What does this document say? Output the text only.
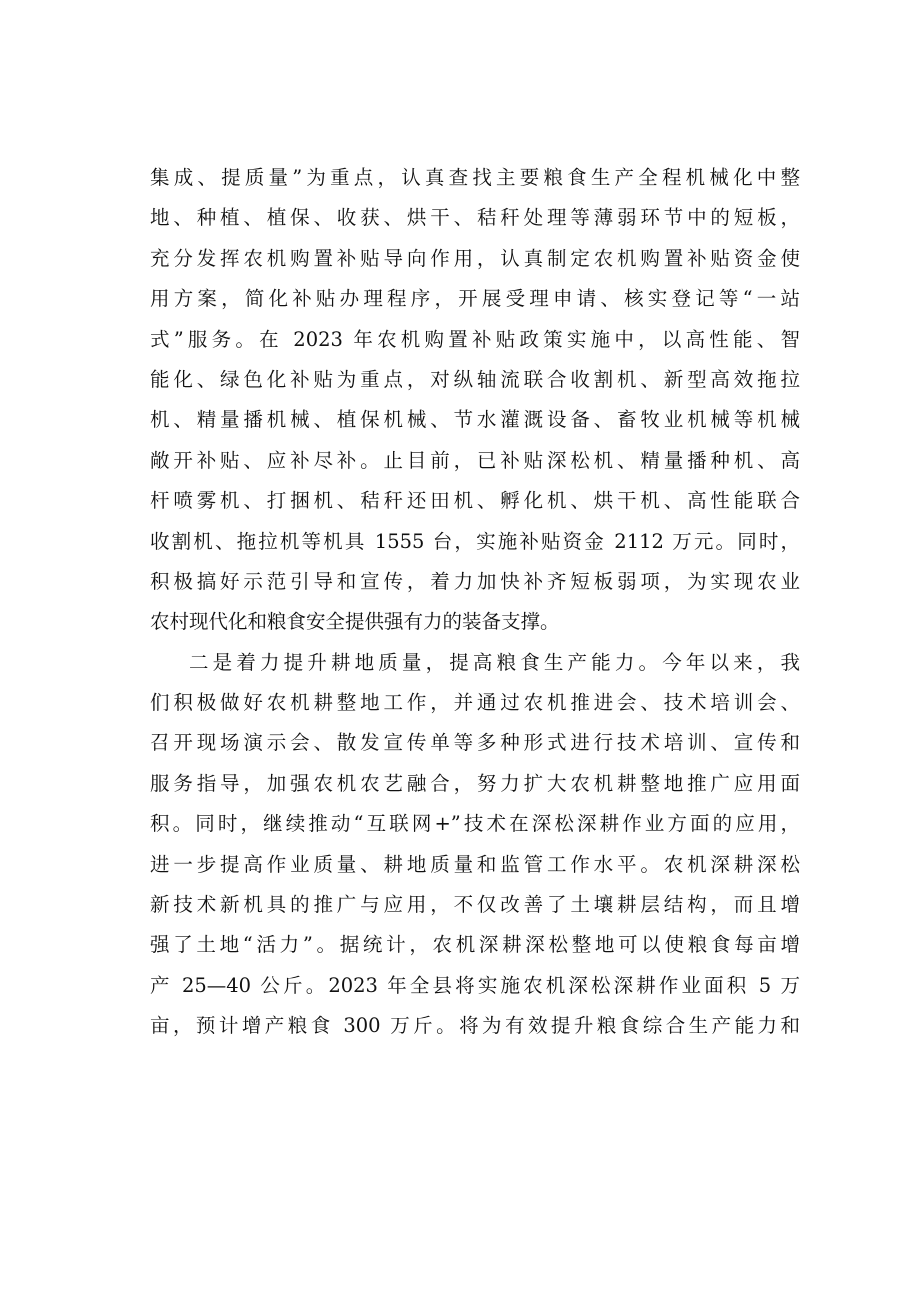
集成、提质量”为重点，认真查找主要粮食生产全程机械化中整
地、种植、植保、收获、烘干、秸秆处理等薄弱环节中的短板，
充分发挥农机购置补贴导向作用，认真制定农机购置补贴资金使
用方案，简化补贴办理程序，开展受理申请、核实登记等“一站
式”服务。在 2023 年农机购置补贴政策实施中，以高性能、智
能化、绿色化补贴为重点，对纵轴流联合收割机、新型高效拖拉
机、精量播机械、植保机械、节水灌溉设备、畜牧业机械等机械
敞开补贴、应补尽补。止目前，已补贴深松机、精量播种机、高
杆喷雾机、打捆机、秸秆还田机、孵化机、烘干机、高性能联合
收割机、拖拉机等机具 1555 台，实施补贴资金 2112 万元。同时，
积极搞好示范引导和宣传，着力加快补齐短板弱项，为实现农业
农村现代化和粮食安全提供强有力的装备支撑。
二是着力提升耕地质量，提高粮食生产能力。今年以来，我
们积极做好农机耕整地工作，并通过农机推进会、技术培训会、
召开现场演示会、散发宣传单等多种形式进行技术培训、宣传和
服务指导，加强农机农艺融合，努力扩大农机耕整地推广应用面
积。同时，继续推动“互联网+”技术在深松深耕作业方面的应用，
进一步提高作业质量、耕地质量和监管工作水平。农机深耕深松
新技术新机具的推广与应用，不仅改善了土壤耕层结构，而且增
强了土地“活力”。据统计，农机深耕深松整地可以使粮食每亩增
产 25—40 公斤。2023 年全县将实施农机深松深耕作业面积 5 万
亩，预计增产粮食 300 万斤。将为有效提升粮食综合生产能力和
